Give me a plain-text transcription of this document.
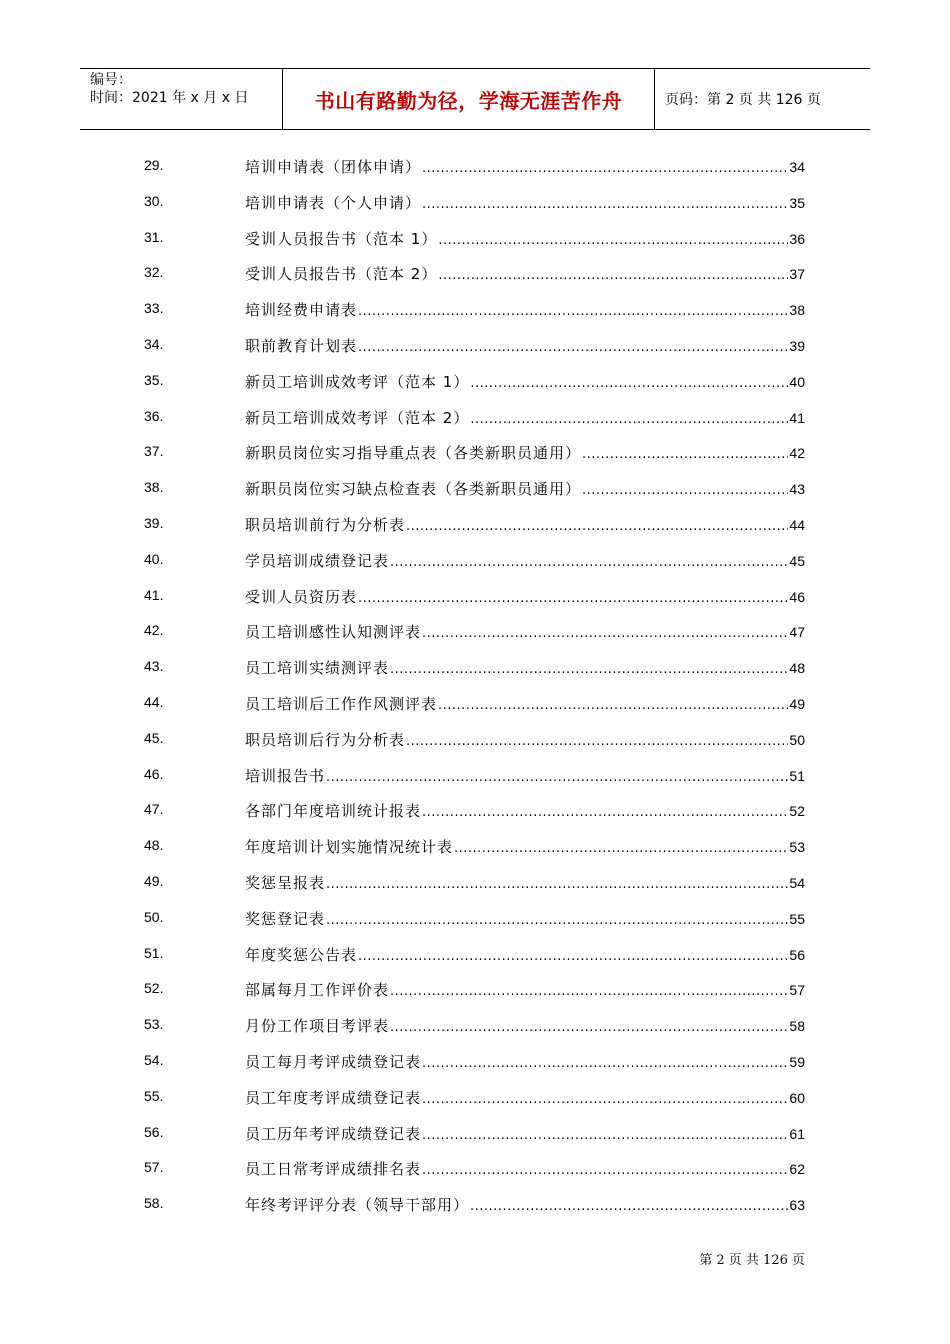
编号：
时间：2021 年 x 月 x 日	书山有路勤为径，学海无涯苦作舟	页码：第 2 页 共 126 页
29.	培训申请表（团体申请） .....	34
30.	培训申请表（个人申请） .....	35
31.	受训人员报告书（范本 1） .....	36
32.	受训人员报告书（范本 2） .....	37
33.	培训经费申请表 .....	38
34.	职前教育计划表 .....	39
35.	新员工培训成效考评（范本 1） .....	40
36.	新员工培训成效考评（范本 2） .....	41
37.	新职员岗位实习指导重点表（各类新职员通用） .....	42
38.	新职员岗位实习缺点检查表（各类新职员通用） .....	43
39.	职员培训前行为分析表 .....	44
40.	学员培训成绩登记表 .....	45
41.	受训人员资历表 .....	46
42.	员工培训感性认知测评表 .....	47
43.	员工培训实绩测评表 .....	48
44.	员工培训后工作作风测评表 .....	49
45.	职员培训后行为分析表 .....	50
46.	培训报告书 .....	51
47.	各部门年度培训统计报表 .....	52
48.	年度培训计划实施情况统计表 .....	53
49.	奖惩呈报表 .....	54
50.	奖惩登记表 .....	55
51.	年度奖惩公告表 .....	56
52.	部属每月工作评价表 .....	57
53.	月份工作项目考评表 .....	58
54.	员工每月考评成绩登记表 .....	59
55.	员工年度考评成绩登记表 .....	60
56.	员工历年考评成绩登记表 .....	61
57.	员工日常考评成绩排名表 .....	62
58.	年终考评评分表（领导干部用） .....	63
第 2 页 共 126 页
